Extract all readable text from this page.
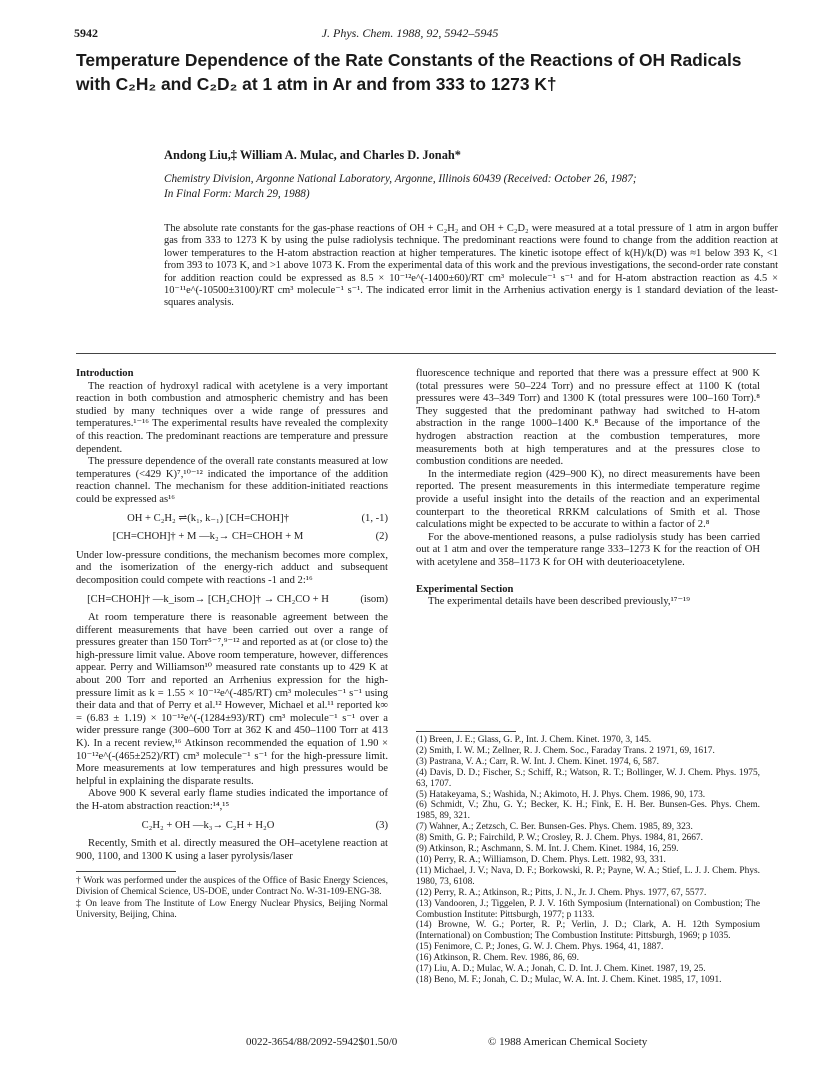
5942	J. Phys. Chem. 1988, 92, 5942–5945
Temperature Dependence of the Rate Constants of the Reactions of OH Radicals with C₂H₂ and C₂D₂ at 1 atm in Ar and from 333 to 1273 K†
Andong Liu,‡ William A. Mulac, and Charles D. Jonah*
Chemistry Division, Argonne National Laboratory, Argonne, Illinois 60439 (Received: October 26, 1987;
In Final Form: March 29, 1988)
The absolute rate constants for the gas-phase reactions of OH + C₂H₂ and OH + C₂D₂ were measured at a total pressure of 1 atm in argon buffer gas from 333 to 1273 K by using the pulse radiolysis technique. The predominant reactions were found to change from the addition reaction at lower temperatures to the H-atom abstraction reaction at higher temperatures. The kinetic isotope effect of k(H)/k(D) was ≈1 below 393 K, <1 from 393 to 1073 K, and >1 above 1073 K. From the experimental data of this work and the previous investigations, the second-order rate constant for addition reaction could be expressed as 8.5 × 10⁻¹²e^(-1400±60)/RT cm³ molecule⁻¹ s⁻¹ and for H-atom abstraction reaction as 4.5 × 10⁻¹¹e^(-10500±3100)/RT cm³ molecule⁻¹ s⁻¹. The indicated error limit in the Arrhenius activation energy is 1 standard deviation of the least-squares analysis.

Introduction

The reaction of hydroxyl radical with acetylene is a very important reaction in both combustion and atmospheric chemistry and has been studied by many techniques over a wide range of pressures and temperatures.¹⁻¹⁶ The experimental results have revealed the complexity of this reaction. The predominant reactions are temperature and pressure dependent.

The pressure dependence of the overall rate constants measured at low temperatures (<429 K)⁷,¹⁰⁻¹² indicated the importance of the addition reaction channel. The mechanism for these addition-initiated reactions could be expressed as¹⁶

OH + C₂H₂ ⇌(k₁, k₋₁) [CH=CHOH]†	(1, -1)
[CH=CHOH]† + M —k₂→ CH=CHOH + M	(2)

Under low-pressure conditions, the mechanism becomes more complex, and the isomerization of the energy-rich adduct and subsequent decomposition could compete with reactions -1 and 2:¹⁶

[CH=CHOH]† —k_isom→ [CH₂CHO]† → CH₂CO + H	(isom)

At room temperature there is reasonable agreement between the different measurements that have been carried out over a range of pressures greater than 150 Torr⁵⁻⁷,⁹⁻¹² and reported as at (or close to) the high-pressure limit value. Above room temperature, however, differences appear. Perry and Williamson¹⁰ measured rate constants up to 429 K at about 200 Torr and reported an Arrhenius expression for the high-pressure limit as k = 1.55 × 10⁻¹²e^(-485/RT) cm³ molecules⁻¹ s⁻¹ using their data and that of Perry et al.¹² However, Michael et al.¹¹ reported k∞ = (6.83 ± 1.19) × 10⁻¹²e^(-(1284±93)/RT) cm³ molecule⁻¹ s⁻¹ over a wider pressure range (300–600 Torr at 362 K and 450–1100 Torr at 413 K). In a recent review,¹⁶ Atkinson recommended the equation of 1.90 × 10⁻¹²e^(-(465±252)/RT) cm³ molecule⁻¹ s⁻¹ for the high-pressure limit. More measurements at low temperatures and high pressures would be helpful in explaining the disparate results.

Above 900 K several early flame studies indicated the importance of the H-atom abstraction reaction:¹⁴,¹⁵

C₂H₂ + OH —k₃→ C₂H + H₂O	(3)

Recently, Smith et al. directly measured the OH–acetylene reaction at 900, 1100, and 1300 K using a laser pyrolysis/laser

† Work was performed under the auspices of the Office of Basic Energy Sciences, Division of Chemical Science, US-DOE, under Contract No. W-31-109-ENG-38.
‡ On leave from The Institute of Low Energy Nuclear Physics, Beijing Normal University, Beijing, China.

fluorescence technique and reported that there was a pressure effect at 900 K (total pressures were 50–224 Torr) and no pressure effect at 1100 K (total pressures were 43–349 Torr) and 1300 K (total pressures were 100–160 Torr).⁸ They suggested that the predominant pathway had switched to H-atom abstraction in the range 1000–1400 K.⁸ Because of the importance of the hydrogen abstraction reaction at the combustion temperatures, more measurements both at high temperatures and at the pressures close to combustion conditions are needed.

In the intermediate region (429–900 K), no direct measurements have been reported. The present measurements in this intermediate temperature regime provide a useful insight into the details of the reaction and an experimental counterpart to the theoretical RRKM calculations of Smith et al. Those calculations might be expected to be accurate to within a factor of 2.⁸

For the above-mentioned reasons, a pulse radiolysis study has been carried out at 1 atm and over the temperature range 333–1273 K for the reaction of OH with acetylene and 358–1173 K for OH with deuterioacetylene.

Experimental Section

The experimental details have been described previously,¹⁷⁻¹⁹

(1) Breen, J. E.; Glass, G. P., Int. J. Chem. Kinet. 1970, 3, 145.
(2) Smith, I. W. M.; Zellner, R. J. Chem. Soc., Faraday Trans. 2 1971, 69, 1617.
(3) Pastrana, V. A.; Carr, R. W. Int. J. Chem. Kinet. 1974, 6, 587.
(4) Davis, D. D.; Fischer, S.; Schiff, R.; Watson, R. T.; Bollinger, W. J. Chem. Phys. 1975, 63, 1707.
(5) Hatakeyama, S.; Washida, N.; Akimoto, H. J. Phys. Chem. 1986, 90, 173.
(6) Schmidt, V.; Zhu, G. Y.; Becker, K. H.; Fink, E. H. Ber. Bunsen-Ges. Phys. Chem. 1985, 89, 321.
(7) Wahner, A.; Zetzsch, C. Ber. Bunsen-Ges. Phys. Chem. 1985, 89, 323.
(8) Smith, G. P.; Fairchild, P. W.; Crosley, R. J. Chem. Phys. 1984, 81, 2667.
(9) Atkinson, R.; Aschmann, S. M. Int. J. Chem. Kinet. 1984, 16, 259.
(10) Perry, R. A.; Williamson, D. Chem. Phys. Lett. 1982, 93, 331.
(11) Michael, J. V.; Nava, D. F.; Borkowski, R. P.; Payne, W. A.; Stief, L. J. J. Chem. Phys. 1980, 73, 6108.
(12) Perry, R. A.; Atkinson, R.; Pitts, J. N., Jr. J. Chem. Phys. 1977, 67, 5577.
(13) Vandooren, J.; Tiggelen, P. J. V. 16th Symposium (International) on Combustion; The Combustion Institute: Pittsburgh, 1977; p 1133.
(14) Browne, W. G.; Porter, R. P.; Verlin, J. D.; Clark, A. H. 12th Symposium (International) on Combustion; The Combustion Institute: Pittsburgh, 1969; p 1035.
(15) Fenimore, C. P.; Jones, G. W. J. Chem. Phys. 1964, 41, 1887.
(16) Atkinson, R. Chem. Rev. 1986, 86, 69.
(17) Liu, A. D.; Mulac, W. A.; Jonah, C. D. Int. J. Chem. Kinet. 1987, 19, 25.
(18) Beno, M. F.; Jonah, C. D.; Mulac, W. A. Int. J. Chem. Kinet. 1985, 17, 1091.
0022-3654/88/2092-5942$01.50/0	© 1988 American Chemical Society
